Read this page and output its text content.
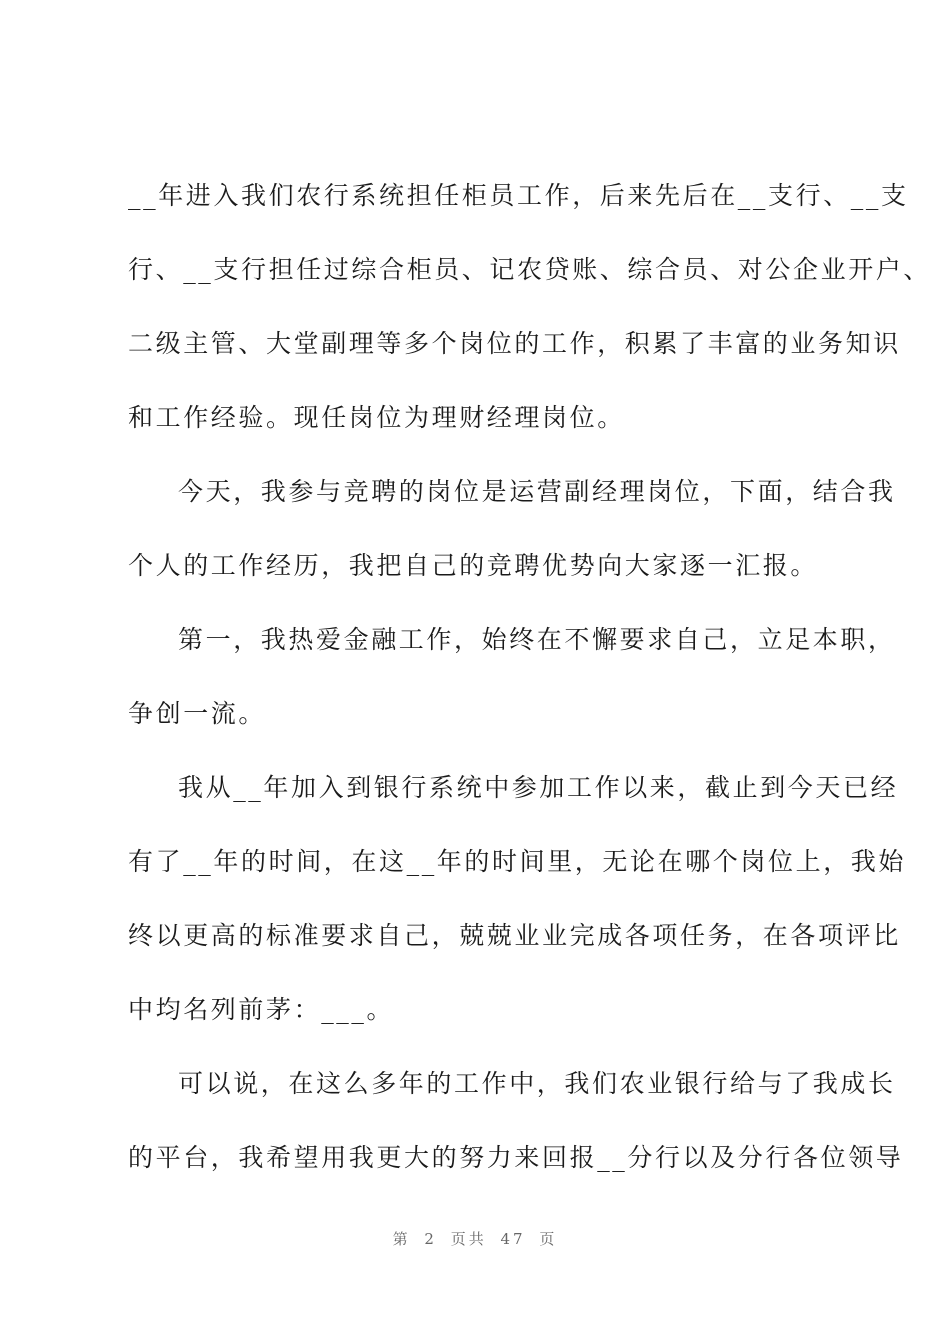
__年进入我们农行系统担任柜员工作，后来先后在__支行、__支
行、__支行担任过综合柜员、记农贷账、综合员、对公企业开户、
二级主管、大堂副理等多个岗位的工作，积累了丰富的业务知识
和工作经验。现任岗位为理财经理岗位。
今天，我参与竞聘的岗位是运营副经理岗位，下面，结合我
个人的工作经历，我把自己的竞聘优势向大家逐一汇报。
第一，我热爱金融工作，始终在不懈要求自己，立足本职，
争创一流。
我从__年加入到银行系统中参加工作以来，截止到今天已经
有了__年的时间，在这__年的时间里，无论在哪个岗位上，我始
终以更高的标准要求自己，兢兢业业完成各项任务，在各项评比
中均名列前茅：___。
可以说，在这么多年的工作中，我们农业银行给与了我成长
的平台，我希望用我更大的努力来回报__分行以及分行各位领导
第 2 页共 47 页
